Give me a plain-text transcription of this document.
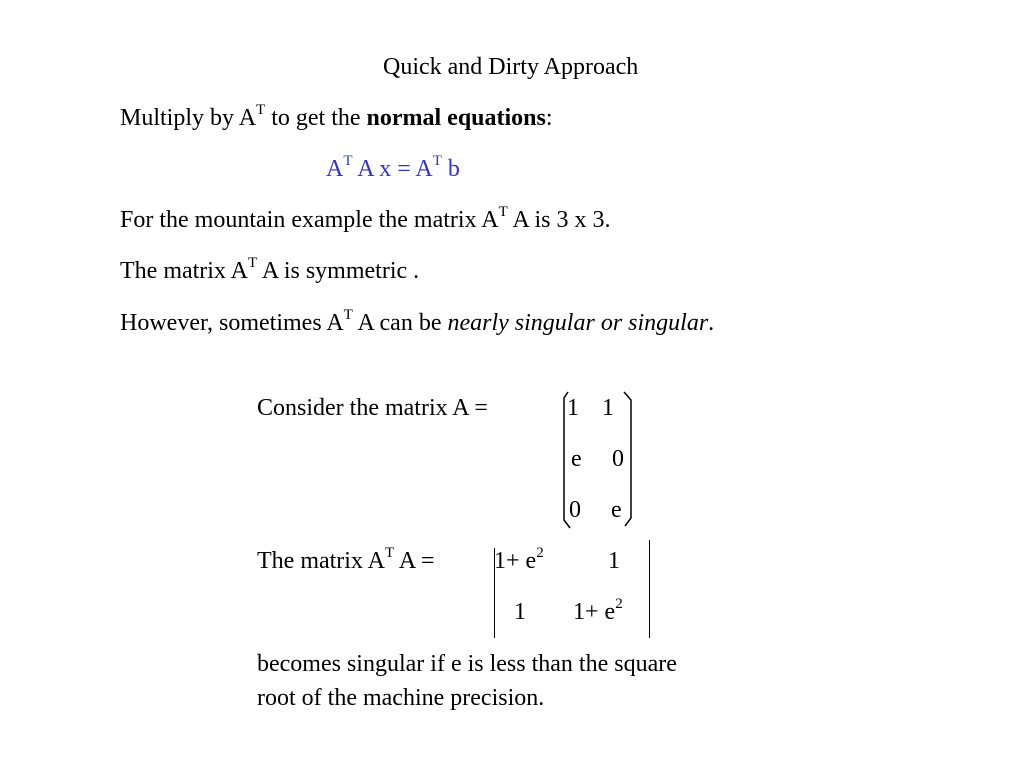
Quick and Dirty Approach
Multiply by $A^T$ to get the normal equations:
$A^T$ A $x = A^T$ b
For the mountain example the matrix $A^T$ A is 3 x 3.
The matrix $A^T$ A is symmetric .
However, sometimes $A^T$ A can be nearly singular or singular.
Consider the matrix A =	1 1
e 0
0 e
The matrix $A^T$ $A = 1+ e^2$	1
1 $1+ e^2$
becomes singular if e is less than the square
root of the machine precision.
